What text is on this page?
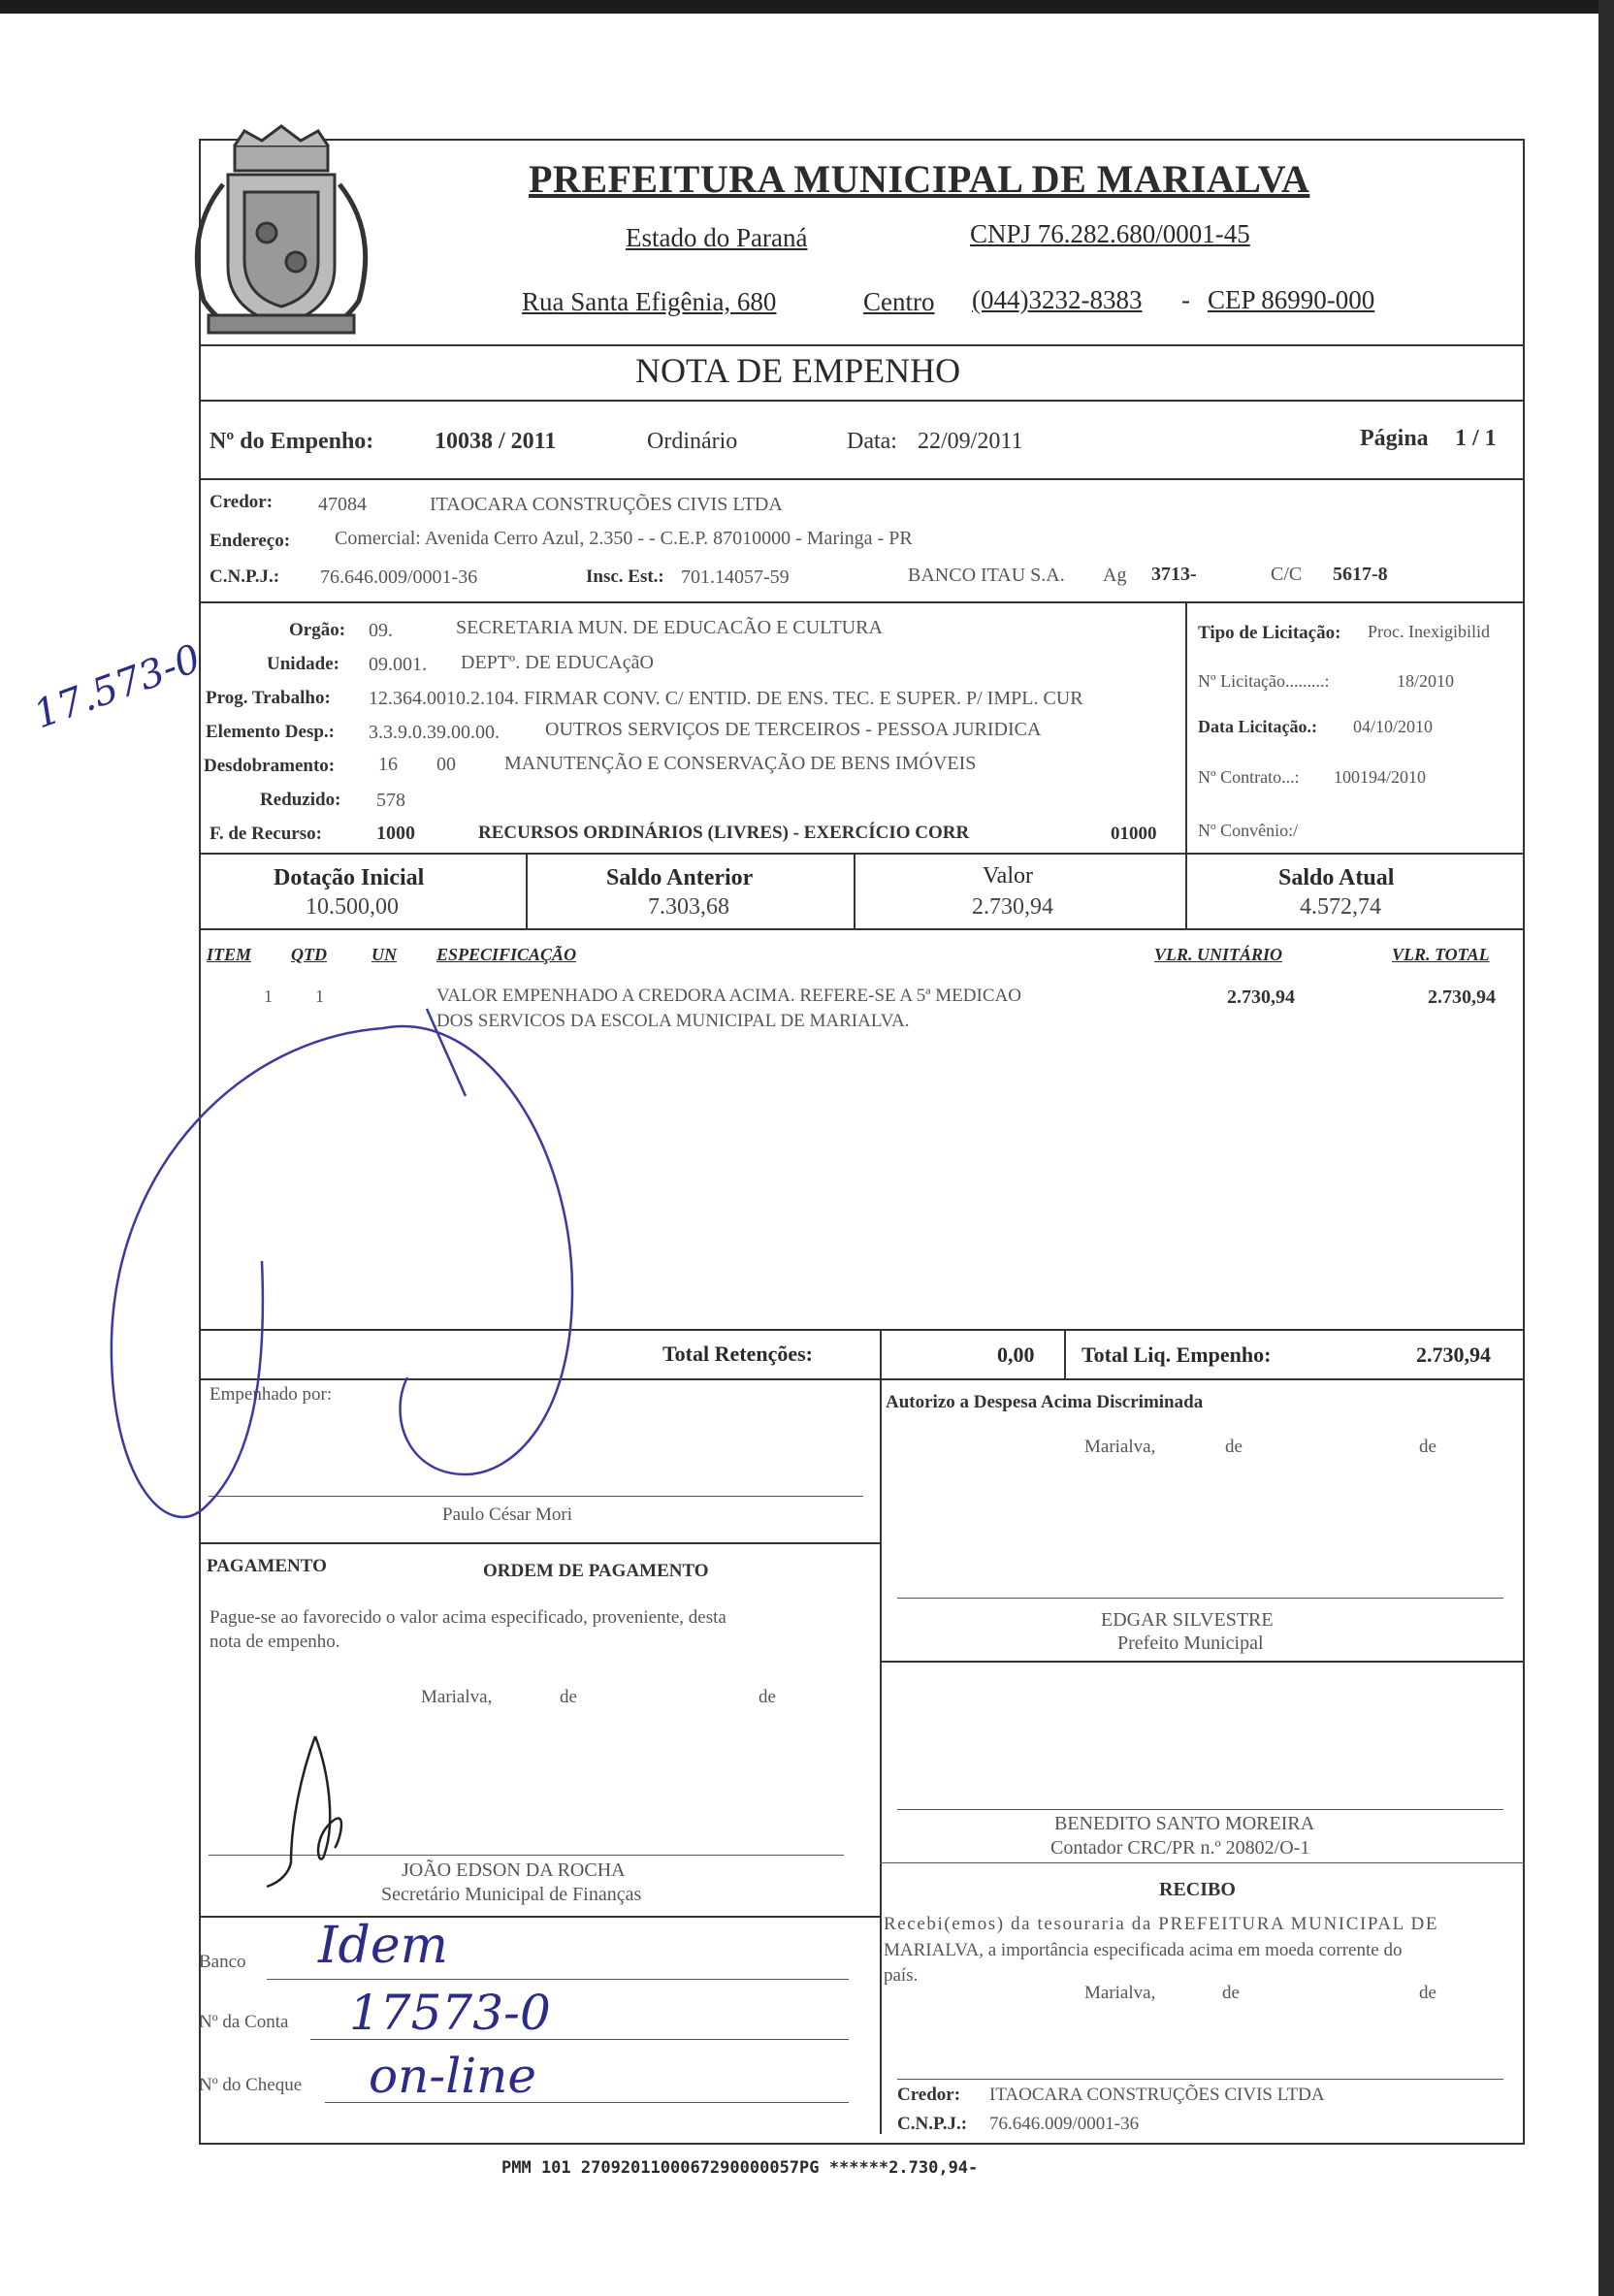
PREFEITURA MUNICIPAL DE MARIALVA
Estado do Paraná	CNPJ 76.282.680/0001-45
Rua Santa Efigênia, 680	Centro (044)3232-8383 - CEP 86990-000
NOTA DE EMPENHO
Nº do Empenho:	10038 / 2011	Ordinário	Data: 22/09/2011	Página 1 / 1
Credor: 47084	ITAOCARA CONSTRUÇÕES CIVIS LTDA
Endereço: Comercial: Avenida Cerro Azul, 2.350 - - C.E.P. 87010000 - Maringa - PR
C.N.P.J.: 76.646.009/0001-36	Insc. Est.: 701.14057-59	BANCO ITAU S.A. Ag 3713-	C/C 5617-8
Orgão: 09.	SECRETARIA MUN. DE EDUCACÃO E CULTURA
Unidade: 09.001. DEPTº. DE EDUCAçãO
Prog. Trabalho: 12.364.0010.2.104. FIRMAR CONV. C/ ENTID. DE ENS. TEC. E SUPER. P/ IMPL. CUR
Elemento Desp.: 3.3.9.0.39.00.00. OUTROS SERVIÇOS DE TERCEIROS - PESSOA JURIDICA
Desdobramento: 16 00	MANUTENÇÃO E CONSERVAÇÃO DE BENS IMÓVEIS
Reduzido: 578
F. de Recurso:	1000	RECURSOS ORDINÁRIOS (LIVRES) - EXERCÍCIO CORR	01000
Tipo de Licitação: Proc. Inexigibilid
Nº Licitação.........:	18/2010
Data Licitação.: 04/10/2010
Nº Contrato...: 100194/2010
Nº Convênio:/
Dotação Inicial
10.500,00
Saldo Anterior
7.303,68
Valor
2.730,94
Saldo Atual
4.572,74
ITEM QTD	UN ESPECIFICAÇÃO	VLR. UNITÁRIO	VLR. TOTAL
1 1	VALOR EMPENHADO A CREDORA ACIMA. REFERE-SE A 5ª MEDICAO
DOS SERVICOS DA ESCOLA MUNICIPAL DE MARIALVA.
2.730,94	2.730,94
Total Retenções:	0,00 Total Liq. Empenho:	2.730,94
Empenhado por:
Paulo César Mori
Autorizo a Despesa Acima Discriminada
Marialva,	de	de
EDGAR SILVESTRE
Prefeito Municipal
PAGAMENTO	ORDEM DE PAGAMENTO
Pague-se ao favorecido o valor acima especificado, proveniente, desta
nota de empenho.
Marialva,	de	de
JOÃO EDSON DA ROCHA
Secretário Municipal de Finanças
BENEDITO SANTO MOREIRA
Contador CRC/PR n.º 20802/O-1
RECIBO
Recebi(emos) da tesouraria da PREFEITURA MUNICIPAL DE
MARIALVA, a importância especificada acima em moeda corrente do
país.
Marialva,	de	de
Credor: ITAOCARA CONSTRUÇÕES CIVIS LTDA
C.N.P.J.: 76.646.009/0001-36
Banco Idem
Nº da Conta 17573-0
Nº do Cheque on-line
17.573-0
PMM 101 2709201100067290000057PG ******2.730,94-
